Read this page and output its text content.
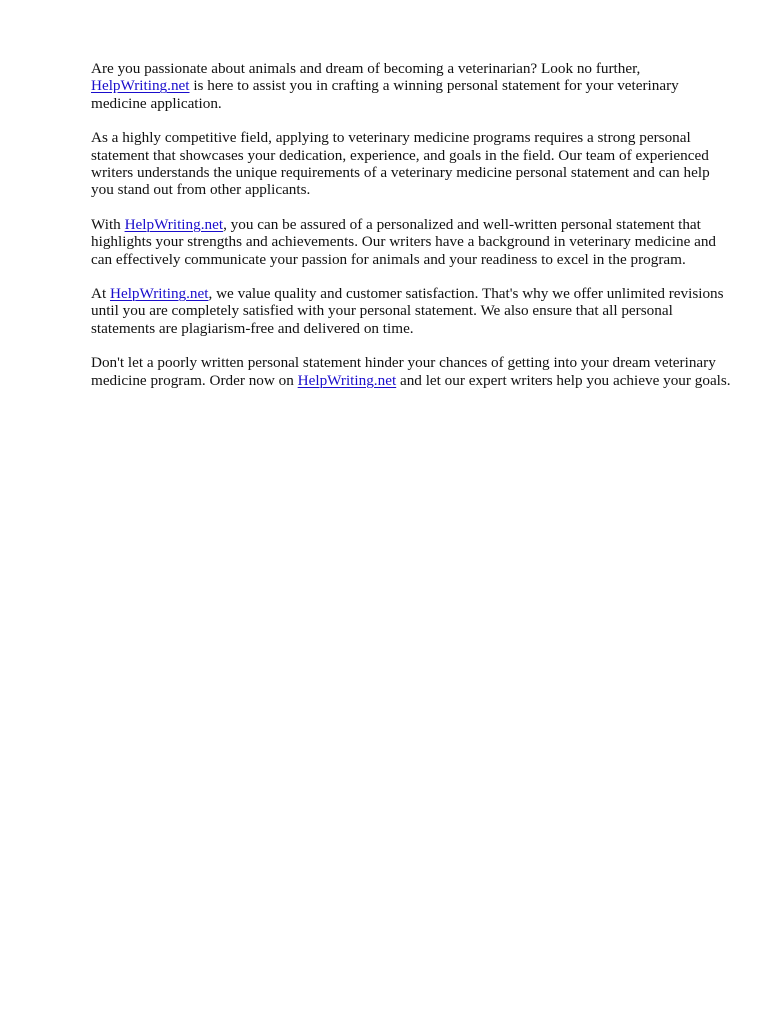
Are you passionate about animals and dream of becoming a veterinarian? Look no further,
HelpWriting.net is here to assist you in crafting a winning personal statement for your veterinary medicine application.

As a highly competitive field, applying to veterinary medicine programs requires a strong personal statement that showcases your dedication, experience, and goals in the field. Our team of experienced writers understands the unique requirements of a veterinary medicine personal statement and can help you stand out from other applicants.

With HelpWriting.net, you can be assured of a personalized and well-written personal statement that highlights your strengths and achievements. Our writers have a background in veterinary medicine and can effectively communicate your passion for animals and your readiness to excel in the program.

At HelpWriting.net, we value quality and customer satisfaction. That's why we offer unlimited revisions until you are completely satisfied with your personal statement. We also ensure that all personal statements are plagiarism-free and delivered on time.

Don't let a poorly written personal statement hinder your chances of getting into your dream veterinary medicine program. Order now on HelpWriting.net and let our expert writers help you achieve your goals.
